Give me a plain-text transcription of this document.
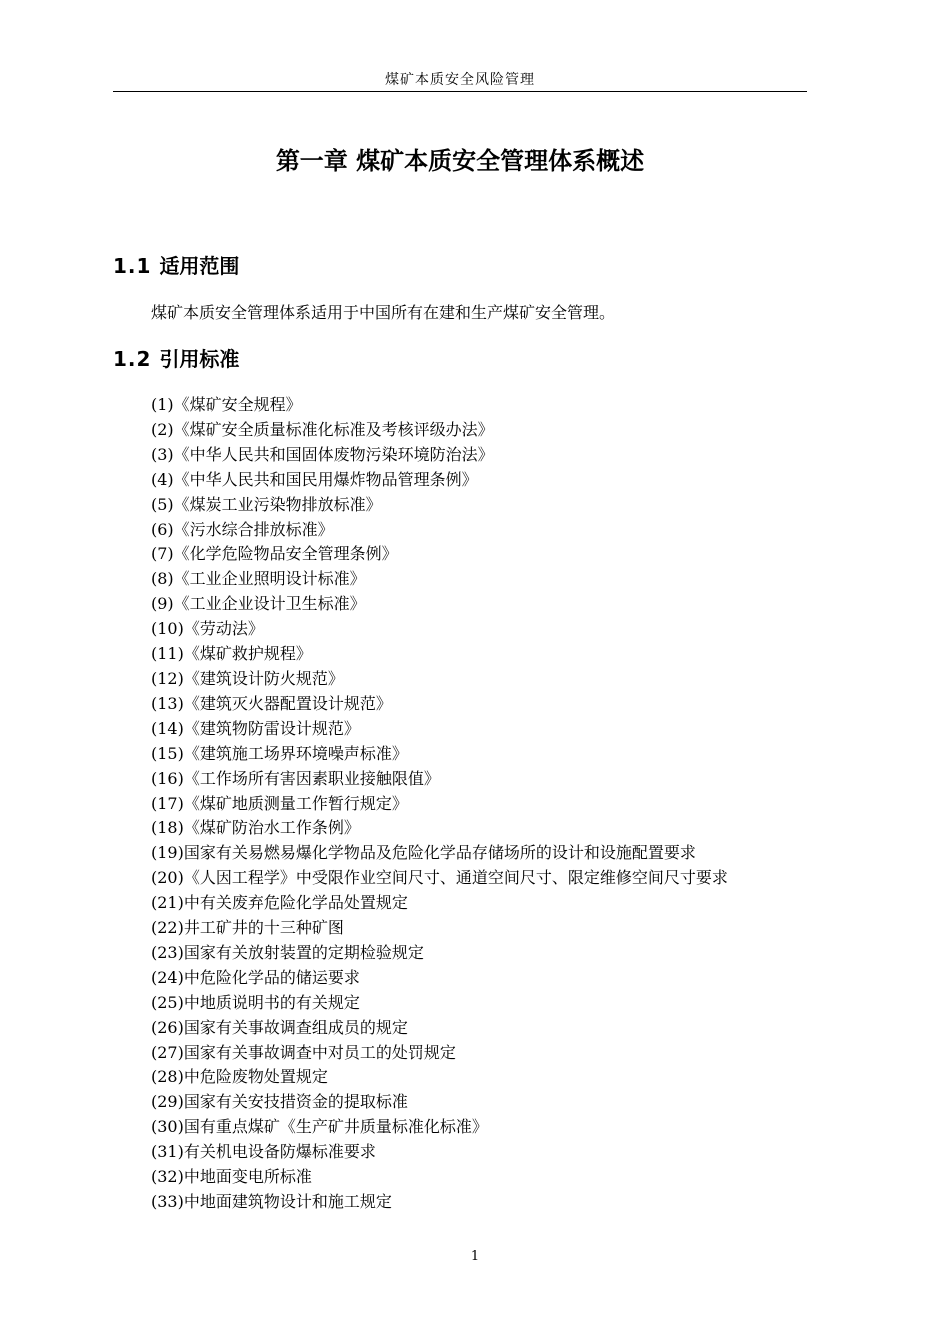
煤矿本质安全风险管理
第一章 煤矿本质安全管理体系概述
1.1 适用范围

煤矿本质安全管理体系适用于中国所有在建和生产煤矿安全管理。

1.2 引用标准
(1)《煤矿安全规程》
(2)《煤矿安全质量标准化标准及考核评级办法》
(3)《中华人民共和国固体废物污染环境防治法》
(4)《中华人民共和国民用爆炸物品管理条例》
(5)《煤炭工业污染物排放标准》
(6)《污水综合排放标准》
(7)《化学危险物品安全管理条例》
(8)《工业企业照明设计标准》
(9)《工业企业设计卫生标准》
(10)《劳动法》
(11)《煤矿救护规程》
(12)《建筑设计防火规范》
(13)《建筑灭火器配置设计规范》
(14)《建筑物防雷设计规范》
(15)《建筑施工场界环境噪声标准》
(16)《工作场所有害因素职业接触限值》
(17)《煤矿地质测量工作暂行规定》
(18)《煤矿防治水工作条例》
(19)国家有关易燃易爆化学物品及危险化学品存储场所的设计和设施配置要求
(20)《人因工程学》中受限作业空间尺寸、通道空间尺寸、限定维修空间尺寸要求
(21)中有关废弃危险化学品处置规定
(22)井工矿井的十三种矿图
(23)国家有关放射装置的定期检验规定
(24)中危险化学品的储运要求
(25)中地质说明书的有关规定
(26)国家有关事故调查组成员的规定
(27)国家有关事故调查中对员工的处罚规定
(28)中危险废物处置规定
(29)国家有关安技措资金的提取标准
(30)国有重点煤矿《生产矿井质量标准化标准》
(31)有关机电设备防爆标准要求
(32)中地面变电所标准
(33)中地面建筑物设计和施工规定
1
